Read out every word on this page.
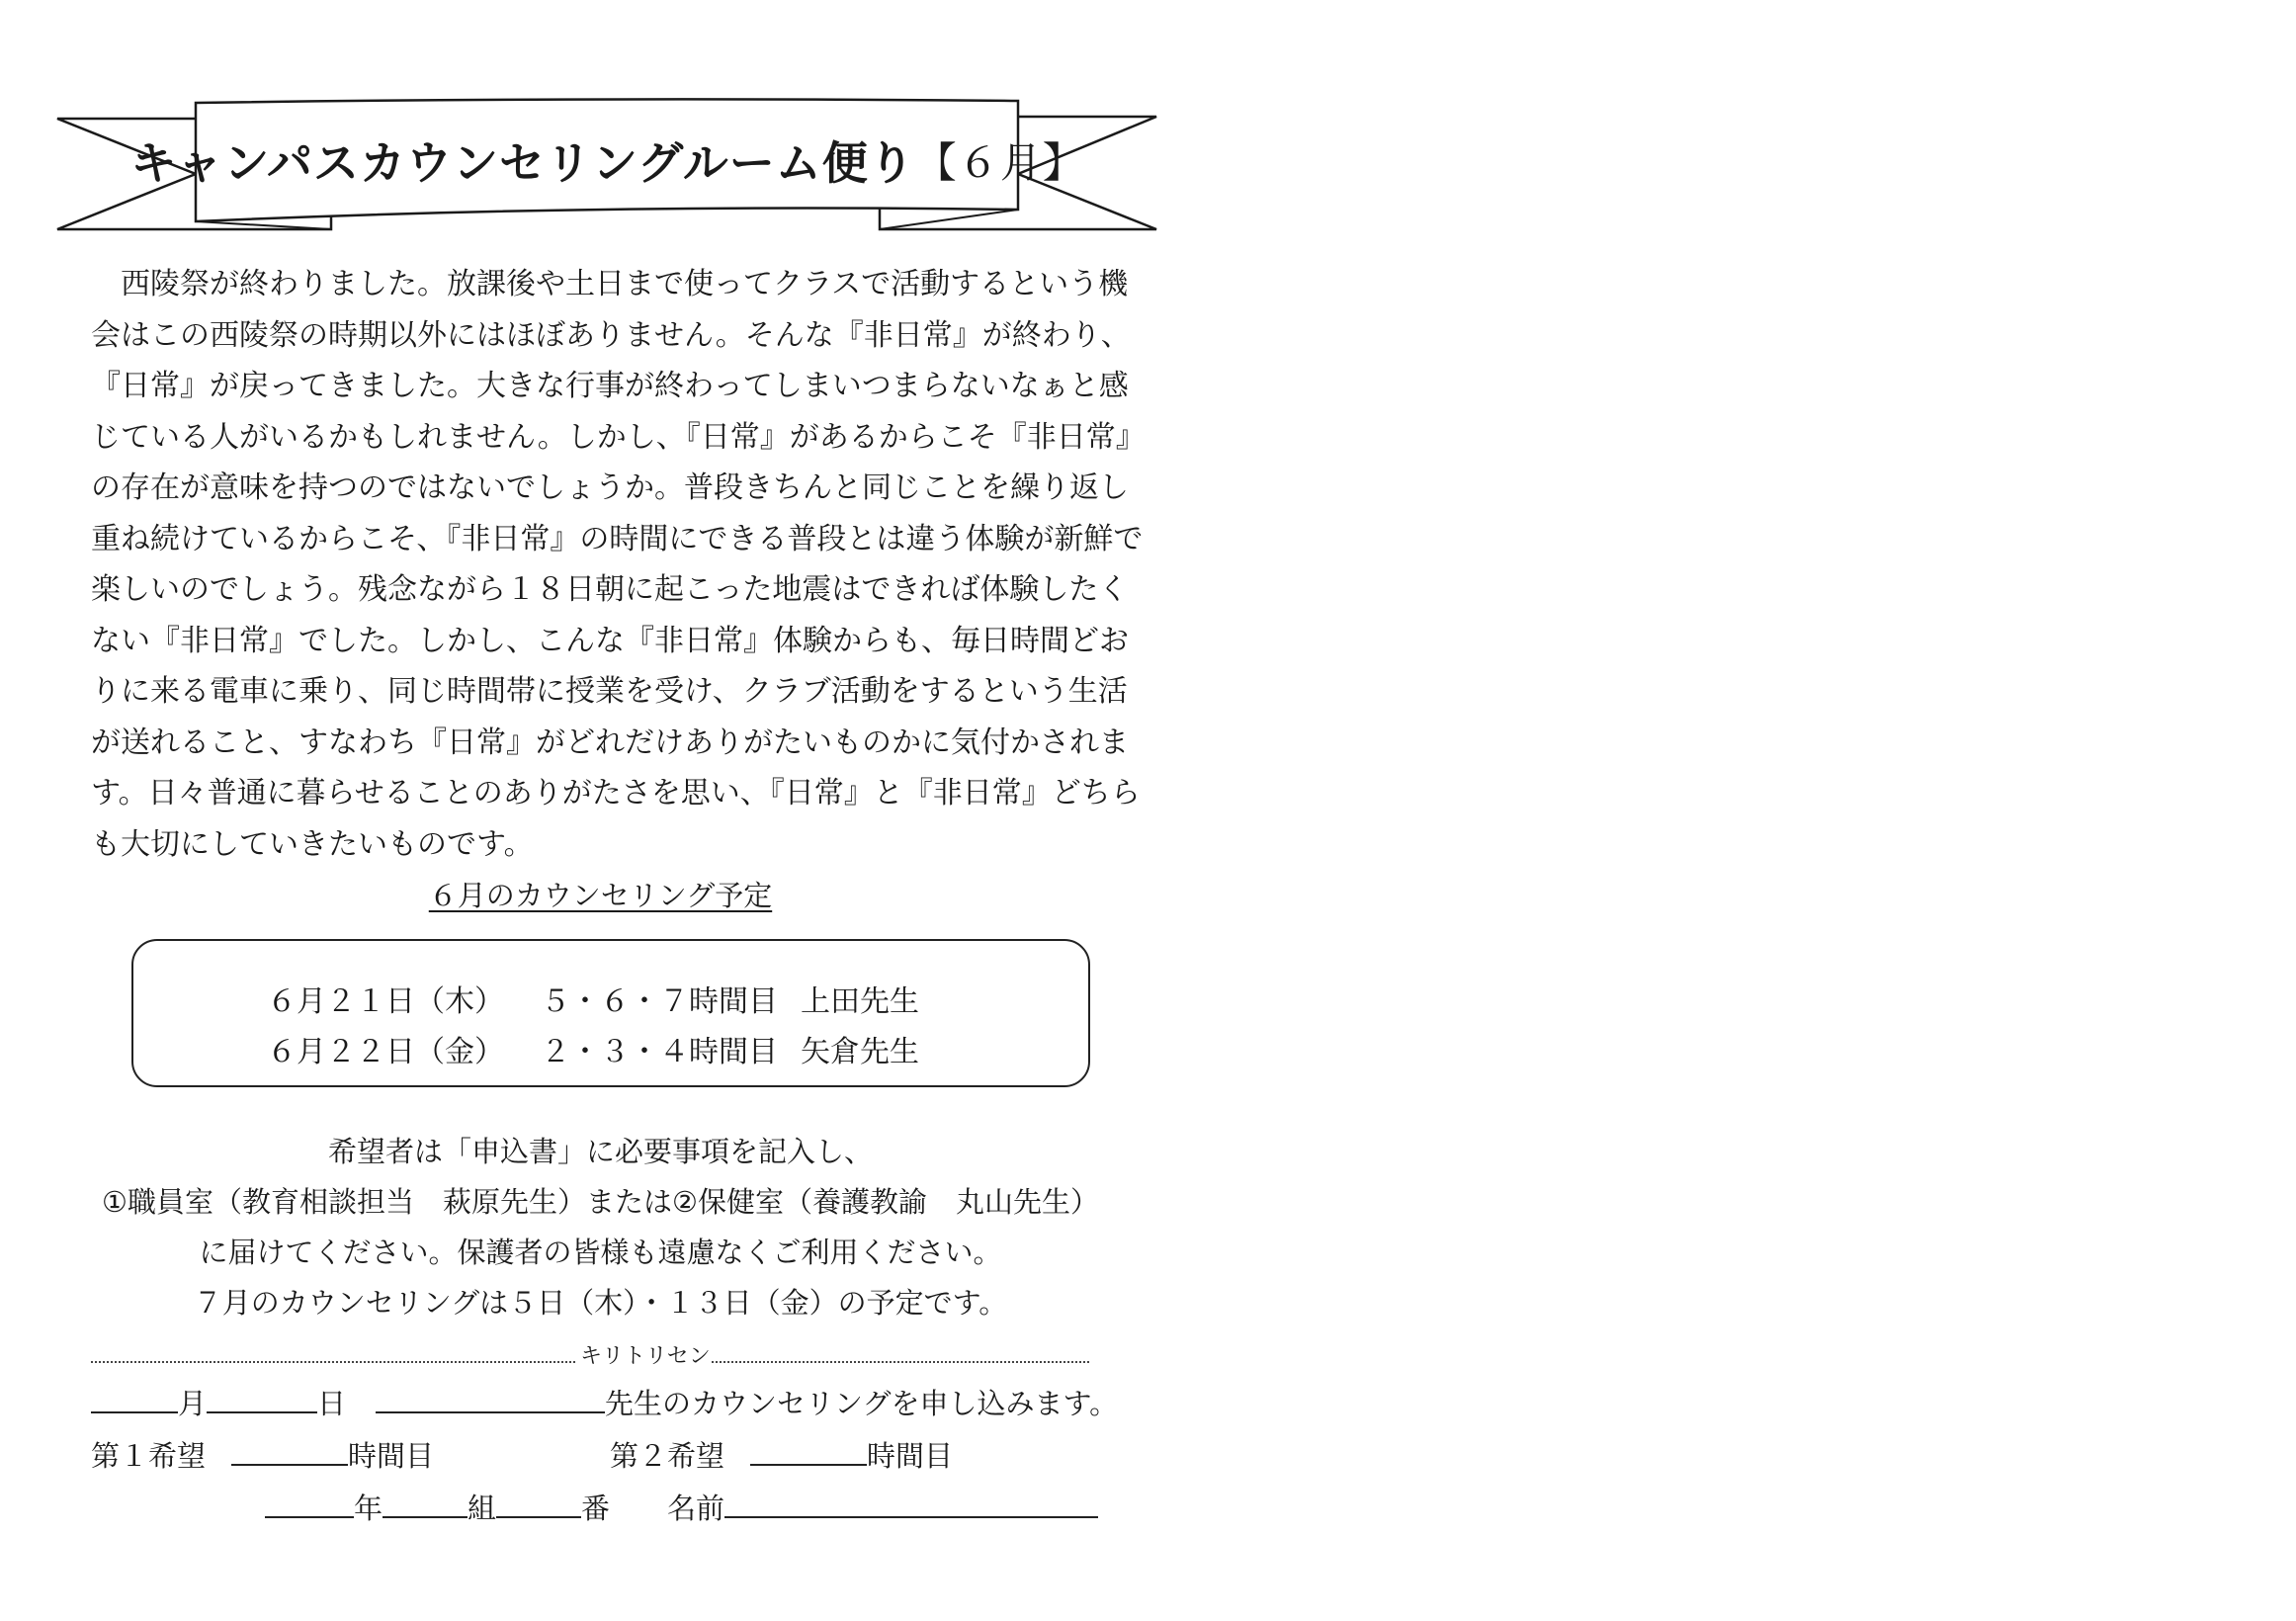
キャンパスカウンセリングルーム便り 【６月】
　西陵祭が終わりました。放課後や土日まで使ってクラスで活動するという機
会はこの西陵祭の時期以外にはほぼありません。そんな『非日常』が終わり、
『日常』が戻ってきました。大きな行事が終わってしまいつまらないなぁと感
じている人がいるかもしれません。しかし、『日常』があるからこそ『非日常』
の存在が意味を持つのではないでしょうか。普段きちんと同じことを繰り返し
重ね続けているからこそ、『非日常』の時間にできる普段とは違う体験が新鮮で
楽しいのでしょう。残念ながら１８日朝に起こった地震はできれば体験したく
ない『非日常』でした。しかし、こんな『非日常』体験からも、毎日時間どお
りに来る電車に乗り、同じ時間帯に授業を受け、クラブ活動をするという生活
が送れること、すなわち『日常』がどれだけありがたいものかに気付かされま
す。日々普通に暮らせることのありがたさを思い、『日常』と『非日常』どちら
も大切にしていきたいものです。
６月のカウンセリング予定
６月２１日（木） ５・６・７時間目 上田先生
６月２２日（金） ２・３・４時間目 矢倉先生
希望者は「申込書」に必要事項を記入し、
①職員室（教育相談担当　萩原先生）または②保健室（養護教諭　丸山先生）
に届けてください。保護者の皆様も遠慮なくご利用ください。
７月のカウンセリングは５日（木）・１３日（金）の予定です。
キリトリセン
月	日	先生のカウンセリングを申し込みます。
第１希望	時間目	第２希望	時間目
年	組	番 名前
